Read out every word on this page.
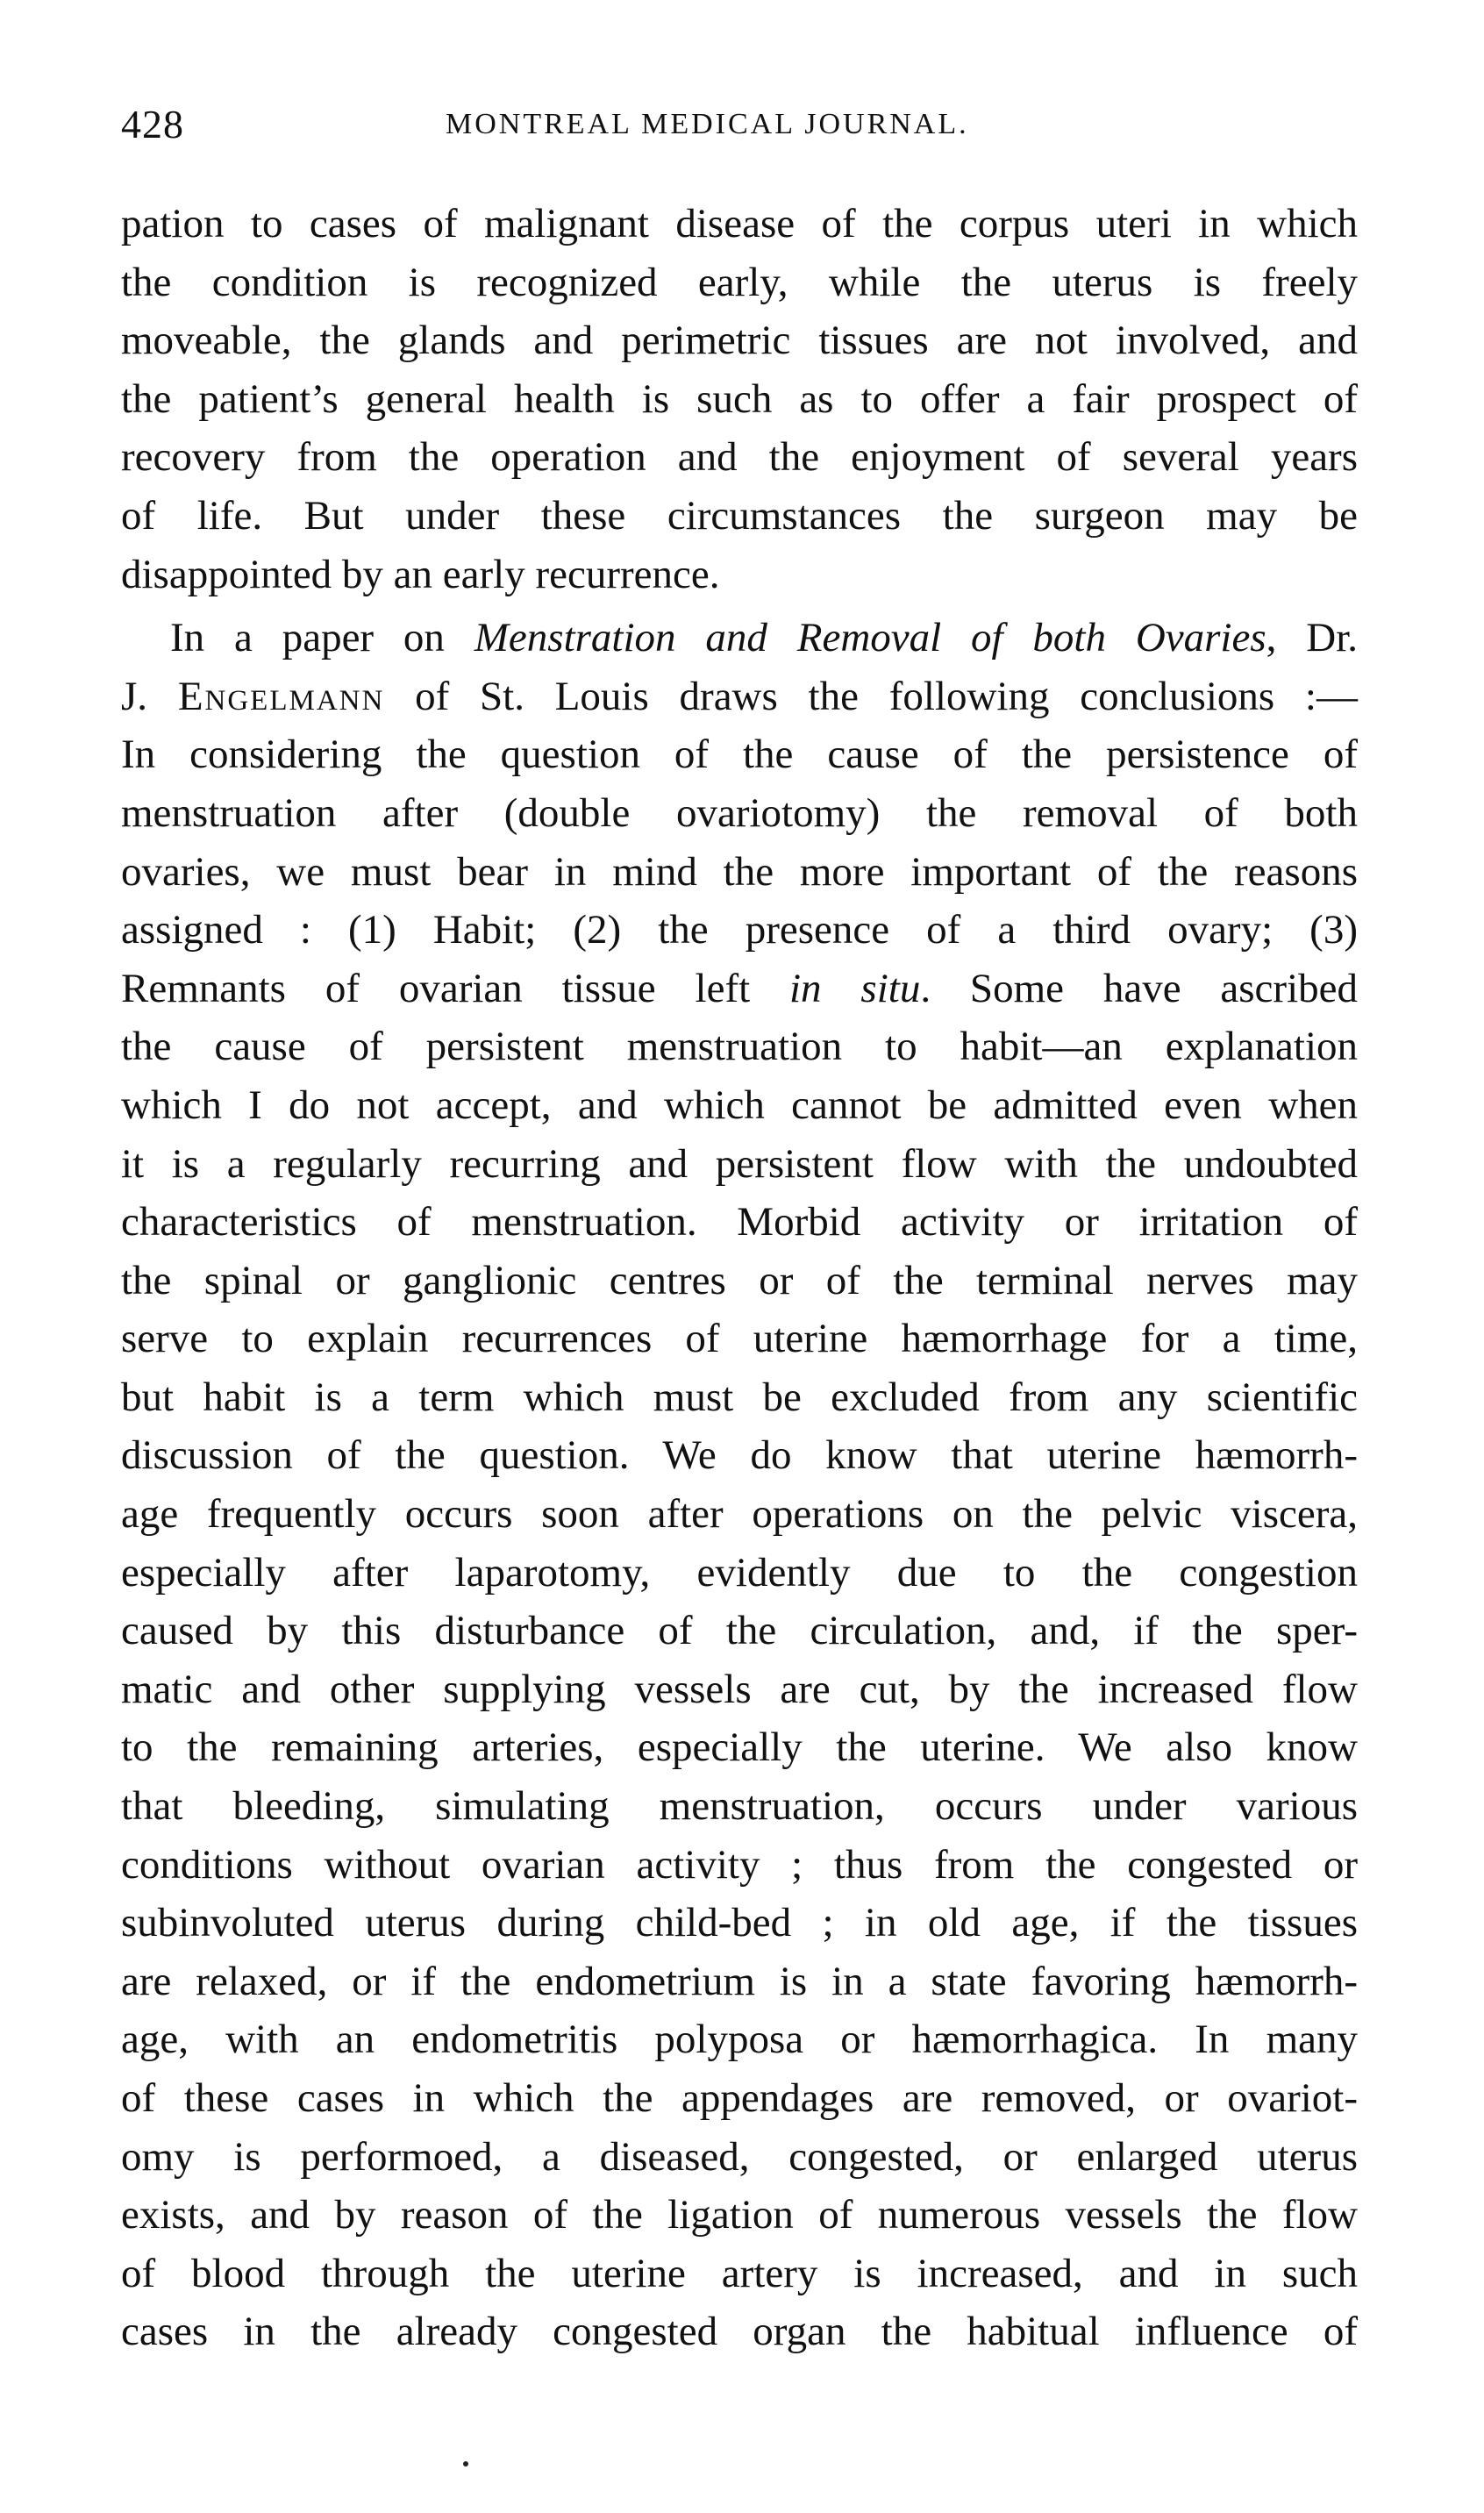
428	MONTREAL MEDICAL JOURNAL.
pation to cases of malignant disease of the corpus uteri in which
the condition is recognized early, while the uterus is freely
moveable, the glands and perimetric tissues are not involved, and
the patient’s general health is such as to offer a fair prospect of
recovery from the operation and the enjoyment of several years
of life. But under these circumstances the surgeon may be
disappointed by an early recurrence.
In a paper on Menstration and Removal of both Ovaries, Dr.
J. Engelmann of St. Louis draws the following conclusions :—
In considering the question of the cause of the persistence of
menstruation after (double ovariotomy) the removal of both
ovaries, we must bear in mind the more important of the reasons
assigned : (1) Habit; (2) the presence of a third ovary; (3)
Remnants of ovarian tissue left in situ. Some have ascribed
the cause of persistent menstruation to habit—an explanation
which I do not accept, and which cannot be admitted even when
it is a regularly recurring and persistent flow with the undoubted
characteristics of menstruation. Morbid activity or irritation of
the spinal or ganglionic centres or of the terminal nerves may
serve to explain recurrences of uterine hæmorrhage for a time,
but habit is a term which must be excluded from any scientific
discussion of the question. We do know that uterine hæmorrh-
age frequently occurs soon after operations on the pelvic viscera,
especially after laparotomy, evidently due to the congestion
caused by this disturbance of the circulation, and, if the sper-
matic and other supplying vessels are cut, by the increased flow
to the remaining arteries, especially the uterine. We also know
that bleeding, simulating menstruation, occurs under various
conditions without ovarian activity ; thus from the congested or
subinvoluted uterus during child-bed ; in old age, if the tissues
are relaxed, or if the endometrium is in a state favoring hæmorrh-
age, with an endometritis polyposa or hæmorrhagica. In many
of these cases in which the appendages are removed, or ovariot-
omy is performoed, a diseased, congested, or enlarged uterus
exists, and by reason of the ligation of numerous vessels the flow
of blood through the uterine artery is increased, and in such
cases in the already congested organ the habitual influence of
